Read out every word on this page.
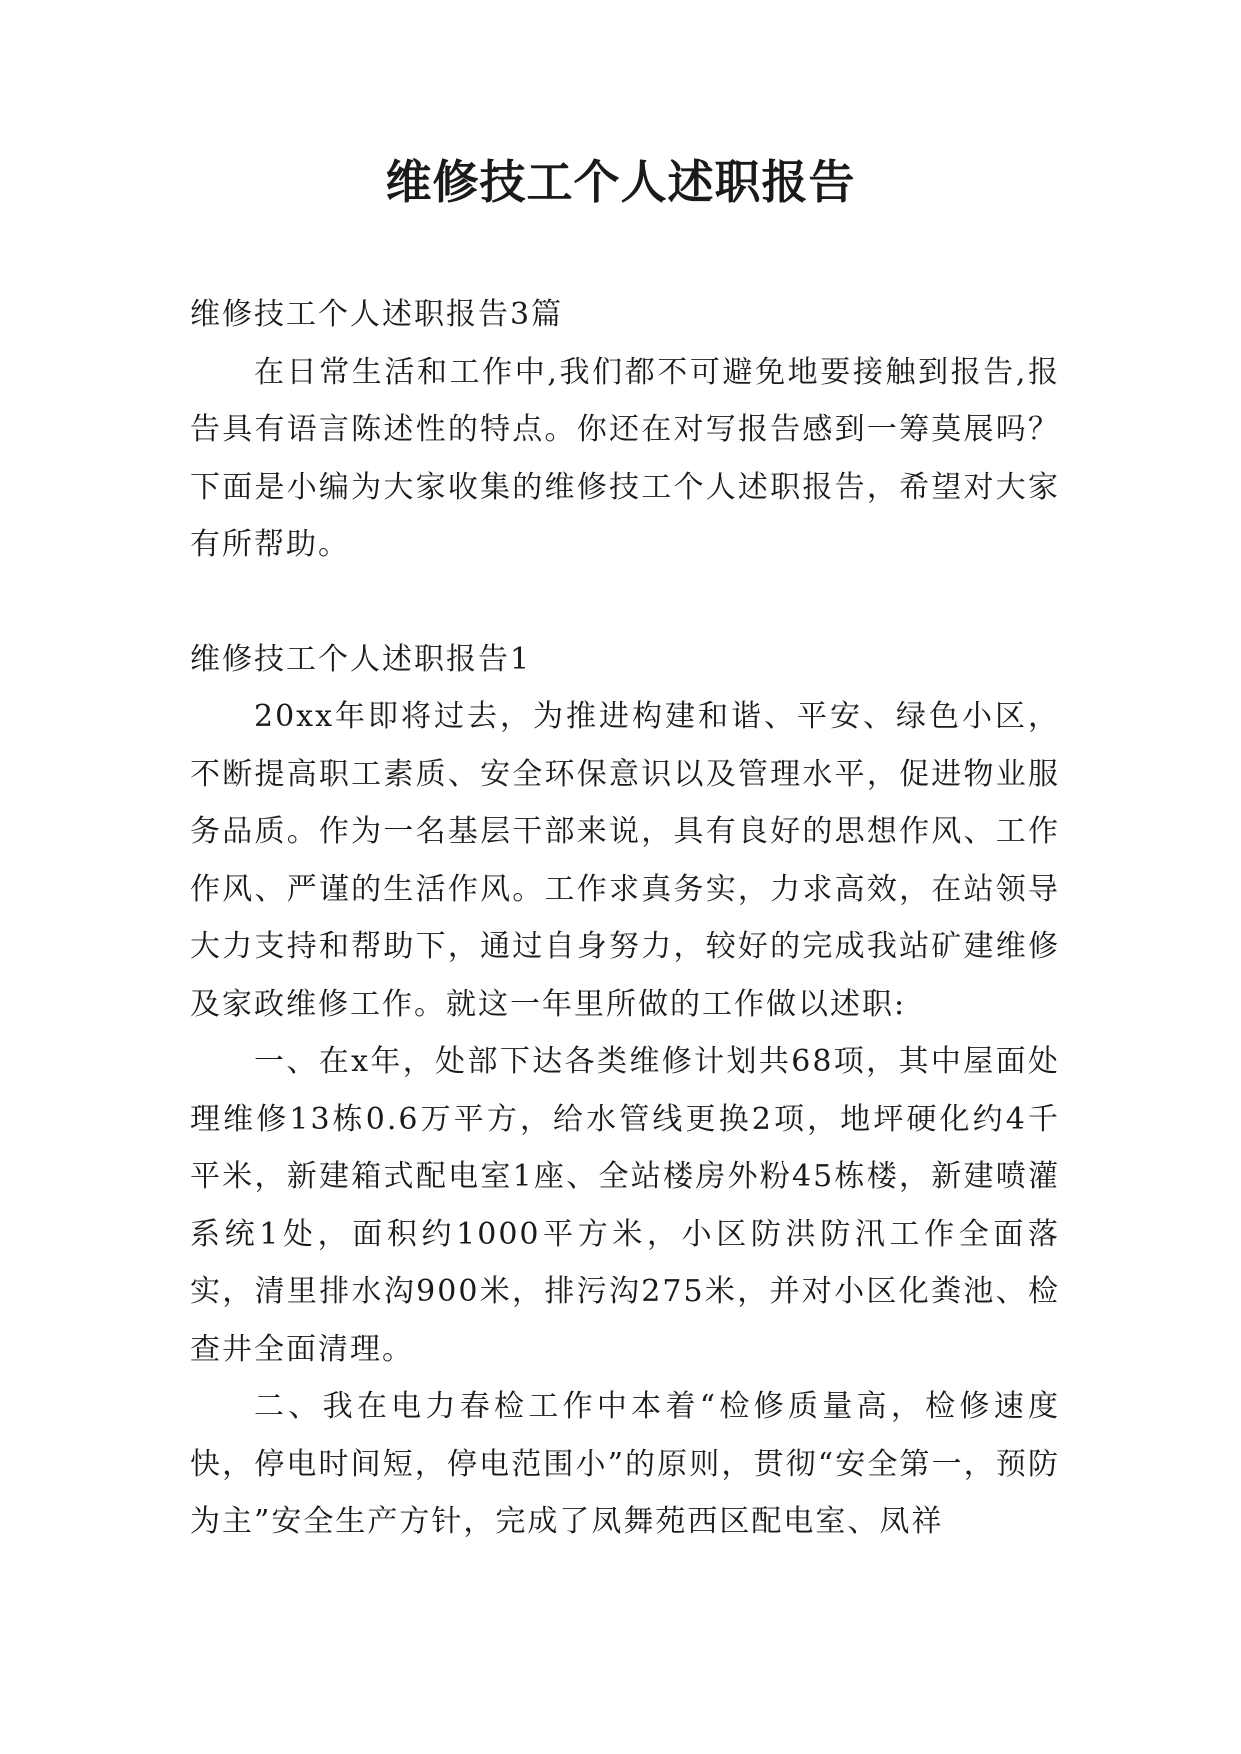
维修技工个人述职报告

维修技工个人述职报告3篇

在日常生活和工作中,我们都不可避免地要接触到报告,报告具有语言陈述性的特点。你还在对写报告感到一筹莫展吗？下面是小编为大家收集的维修技工个人述职报告，希望对大家有所帮助。

维修技工个人述职报告1

20xx年即将过去，为推进构建和谐、平安、绿色小区，不断提高职工素质、安全环保意识以及管理水平，促进物业服务品质。作为一名基层干部来说，具有良好的思想作风、工作作风、严谨的生活作风。工作求真务实，力求高效，在站领导大力支持和帮助下，通过自身努力，较好的完成我站矿建维修及家政维修工作。就这一年里所做的工作做以述职:

一、在x年，处部下达各类维修计划共68项，其中屋面处理维修13栋0.6万平方，给水管线更换2项，地坪硬化约4千平米，新建箱式配电室1座、全站楼房外粉45栋楼，新建喷灌系统1处，面积约1000平方米，小区防洪防汛工作全面落实，清里排水沟900米，排污沟275米，并对小区化粪池、检查井全面清理。

二、我在电力春检工作中本着“检修质量高，检修速度快，停电时间短，停电范围小”的原则，贯彻“安全第一，预防为主”安全生产方针，完成了凤舞苑西区配电室、凤祥
